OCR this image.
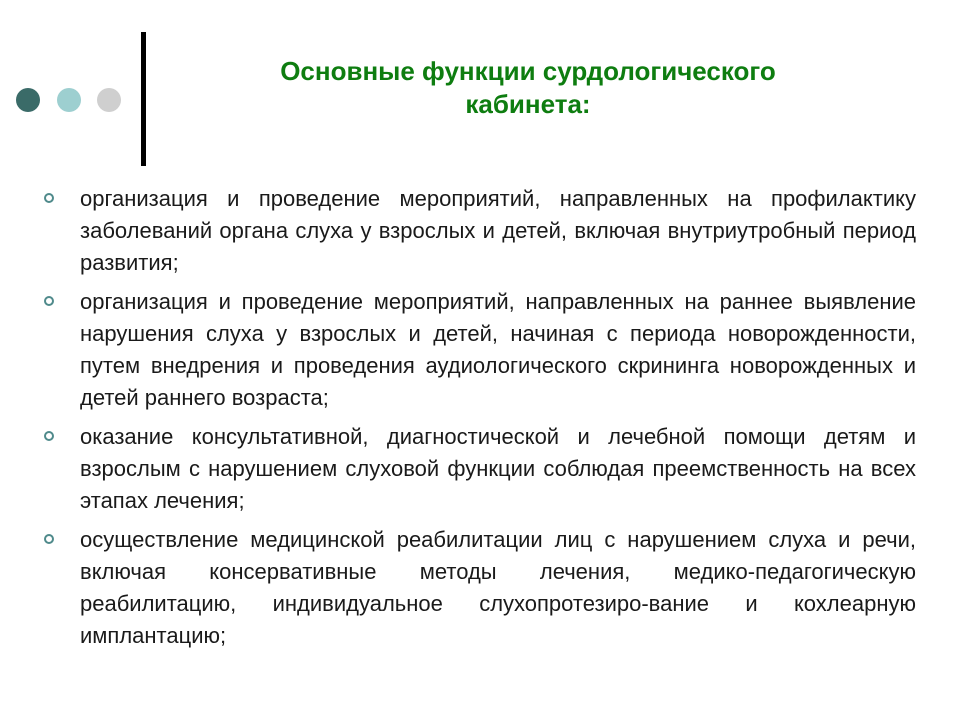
Основные функции сурдологического
кабинета:
организация и проведение мероприятий, направленных на профилактику заболеваний органа слуха у взрослых и детей, включая внутриутробный период развития;
организация и проведение мероприятий, направленных на раннее выявление нарушения слуха у взрослых и детей, начиная с периода новорожденности, путем внедрения и проведения аудиологического скрининга новорожденных и детей раннего возраста;
оказание консультативной, диагностической и лечебной помощи детям и взрослым с нарушением слуховой функции соблюдая преемственность на всех этапах лечения;
осуществление медицинской реабилитации лиц с нарушением слуха и речи, включая консервативные методы лечения, медико-педагогическую реабилитацию, индивидуальное слухопротезиро-вание и кохлеарную имплантацию;
